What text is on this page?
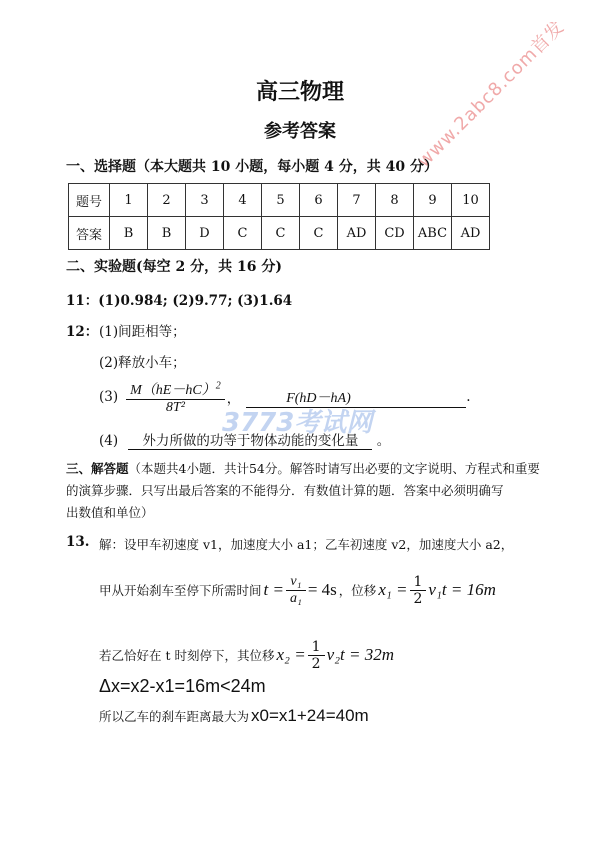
www.2abc8.com首发
3773考试网
高三物理
参考答案
一、选择题（本大题共 10 小题，每小题 4 分，共 40 分）
题号	1	2	3	4	5	6	7	8	9	10
答案	B	B	D	C	C	C	AD	CD	ABC	AD
二、实验题(每空 2 分，共 16 分)
11：(1)0.984; (2)9.77; (3)1.64
12： (1)间距相等；
(2)释放小车；
$(3) \frac{M(hE-hC)^2}{\text{8T²}}$ ，	F(hD－hA)	.
(4) 外力所做的功等于物体动能的变化量 。
三、解答题（本题共4小题．共计54分。解答时请写出必要的文字说明、方程式和重要
的演算步骤．只写出最后答案的不能得分．有数值计算的题．答案中必须明确写
出数值和单位）
13. 解：设甲车初速度 v1，加速度大小 a1；乙车初速度 v2，加速度大小 a2，
甲从开始刹车至停下所需时间 $t = \frac{\text{v₁}}{\text{a₁}} = 4s$ ，位移 $x_1 = \frac{1}{2} v_1t = 16m$
若乙恰好在 t 时刻停下，其位移 $x_2 = \frac{1}{2} v_2t = 32m$
Δx=x2-x1=16m<24m
所以乙车的刹车距离最大为 x0=x1+24=40m
